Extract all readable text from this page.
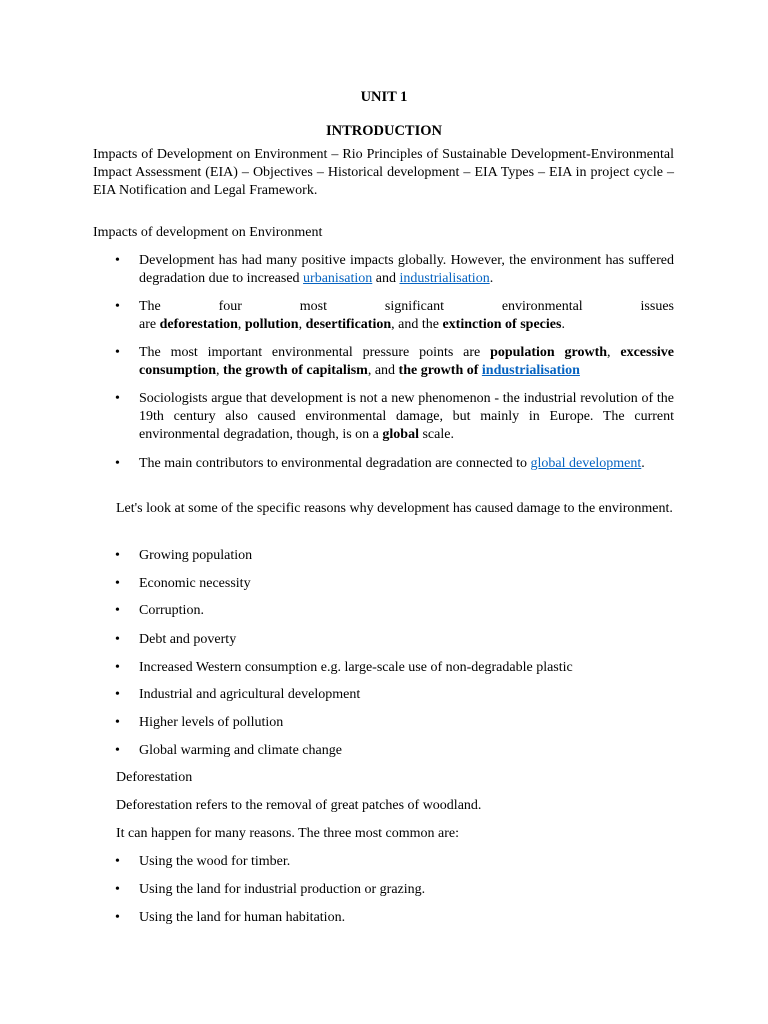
UNIT 1
INTRODUCTION
Impacts of Development on Environment – Rio Principles of Sustainable Development-Environmental Impact Assessment (EIA) – Objectives – Historical development – EIA Types – EIA in project cycle –EIA Notification and Legal Framework.
Impacts of development on Environment
• Development has had many positive impacts globally. However, the environment has suffered degradation due to increased urbanisation and industrialisation.
• The four most significant environmental issues
are deforestation, pollution, desertification, and the extinction of species.
• The most important environmental pressure points are population growth, excessive consumption, the growth of capitalism, and the growth of industrialisation
• Sociologists argue that development is not a new phenomenon - the industrial revolution of the 19th century also caused environmental damage, but mainly in Europe. The current environmental degradation, though, is on a global scale.
• The main contributors to environmental degradation are connected to global development.
Let's look at some of the specific reasons why development has caused damage to the environment.
• Growing population
• Economic necessity
• Corruption.
• Debt and poverty
• Increased Western consumption e.g. large-scale use of non-degradable plastic
• Industrial and agricultural development
• Higher levels of pollution
• Global warming and climate change
Deforestation
Deforestation refers to the removal of great patches of woodland.
It can happen for many reasons. The three most common are:
• Using the wood for timber.
• Using the land for industrial production or grazing.
• Using the land for human habitation.
